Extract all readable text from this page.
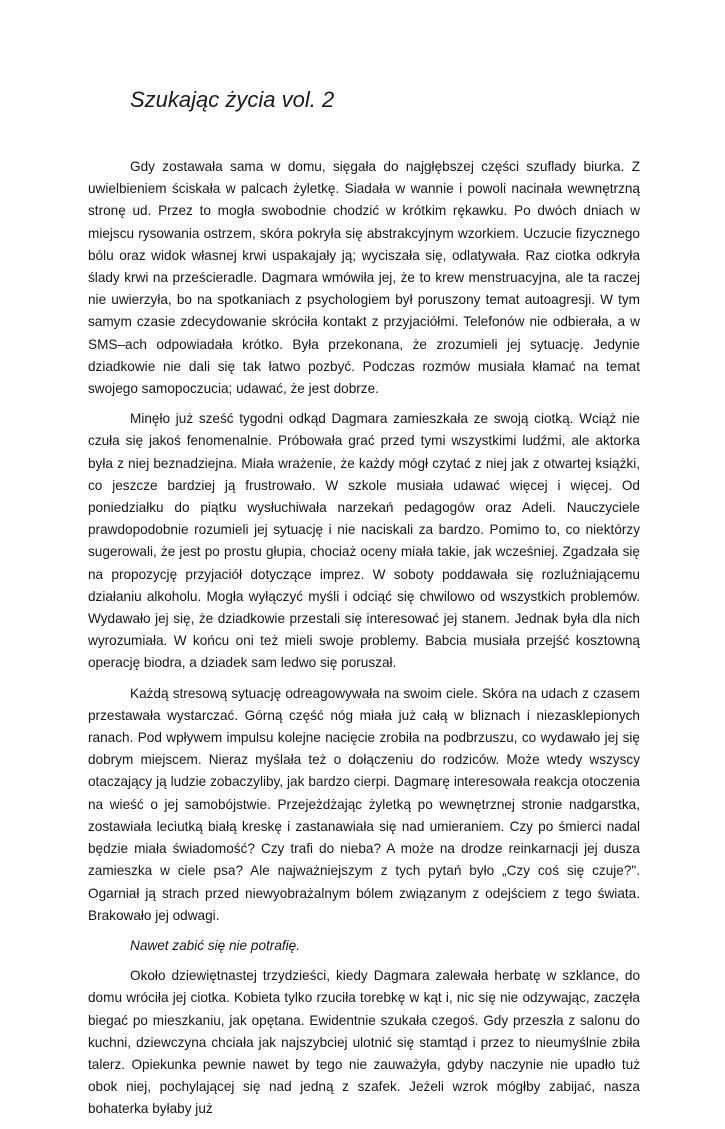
Szukając życia vol. 2

Gdy zostawała sama w domu, sięgała do najgłębszej części szuflady biurka. Z uwielbieniem ściskała w palcach żyletkę. Siadała w wannie i powoli nacinała wewnętrzną stronę ud. Przez to mogła swobodnie chodzić w krótkim rękawku. Po dwóch dniach w miejscu rysowania ostrzem, skóra pokryła się abstrakcyjnym wzorkiem. Uczucie fizycznego bólu oraz widok własnej krwi uspakajały ją; wyciszała się, odlatywała. Raz ciotka odkryła ślady krwi na prześcieradle. Dagmara wmówiła jej, że to krew menstruacyjna, ale ta raczej nie uwierzyła, bo na spotkaniach z psychologiem był poruszony temat autoagresji. W tym samym czasie zdecydowanie skróciła kontakt z przyjaciółmi. Telefonów nie odbierała, a w SMS–ach odpowiadała krótko. Była przekonana, że zrozumieli jej sytuację. Jedynie dziadkowie nie dali się tak łatwo pozbyć. Podczas rozmów musiała kłamać na temat swojego samopoczucia; udawać, że jest dobrze.

Minęło już sześć tygodni odkąd Dagmara zamieszkała ze swoją ciotką. Wciąż nie czuła się jakoś fenomenalnie. Próbowała grać przed tymi wszystkimi ludźmi, ale aktorka była z niej beznadziejna. Miała wrażenie, że każdy mógł czytać z niej jak z otwartej książki, co jeszcze bardziej ją frustrowało. W szkole musiała udawać więcej i więcej. Od poniedziałku do piątku wysłuchiwała narzekań pedagogów oraz Adeli. Nauczyciele prawdopodobnie rozumieli jej sytuację i nie naciskali za bardzo. Pomimo to, co niektórzy sugerowali, że jest po prostu głupia, chociaż oceny miała takie, jak wcześniej. Zgadzała się na propozycję przyjaciół dotyczące imprez. W soboty poddawała się rozluźniającemu działaniu alkoholu. Mogła wyłączyć myśli i odciąć się chwilowo od wszystkich problemów. Wydawało jej się, że dziadkowie przestali się interesować jej stanem. Jednak była dla nich wyrozumiała. W końcu oni też mieli swoje problemy. Babcia musiała przejść kosztowną operację biodra, a dziadek sam ledwo się poruszał.

Każdą stresową sytuację odreagowywała na swoim ciele. Skóra na udach z czasem przestawała wystarczać. Górną część nóg miała już całą w bliznach i niezasklepionych ranach. Pod wpływem impulsu kolejne nacięcie zrobiła na podbrzuszu, co wydawało jej się dobrym miejscem. Nieraz myślała też o dołączeniu do rodziców. Może wtedy wszyscy otaczający ją ludzie zobaczyliby, jak bardzo cierpi. Dagmarę interesowała reakcja otoczenia na wieść o jej samobójstwie. Przejeżdżając żyletką po wewnętrznej stronie nadgarstka, zostawiała leciutką białą kreskę i zastanawiała się nad umieraniem. Czy po śmierci nadal będzie miała świadomość? Czy trafi do nieba? A może na drodze reinkarnacji jej dusza zamieszka w ciele psa? Ale najważniejszym z tych pytań było „Czy coś się czuje?". Ogarniał ją strach przed niewyobrażalnym bólem związanym z odejściem z tego świata. Brakowało jej odwagi.

Nawet zabić się nie potrafię.

Około dziewiętnastej trzydzieści, kiedy Dagmara zalewała herbatę w szklance, do domu wróciła jej ciotka. Kobieta tylko rzuciła torebkę w kąt i, nic się nie odzywając, zaczęła biegać po mieszkaniu, jak opętana. Ewidentnie szukała czegoś. Gdy przeszła z salonu do kuchni, dziewczyna chciała jak najszybciej ulotnić się stamtąd i przez to nieumyślnie zbiła talerz. Opiekunka pewnie nawet by tego nie zauważyła, gdyby naczynie nie upadło tuż obok niej, pochylającej się nad jedną z szafek. Jeżeli wzrok mógłby zabijać, nasza bohaterka byłaby już
